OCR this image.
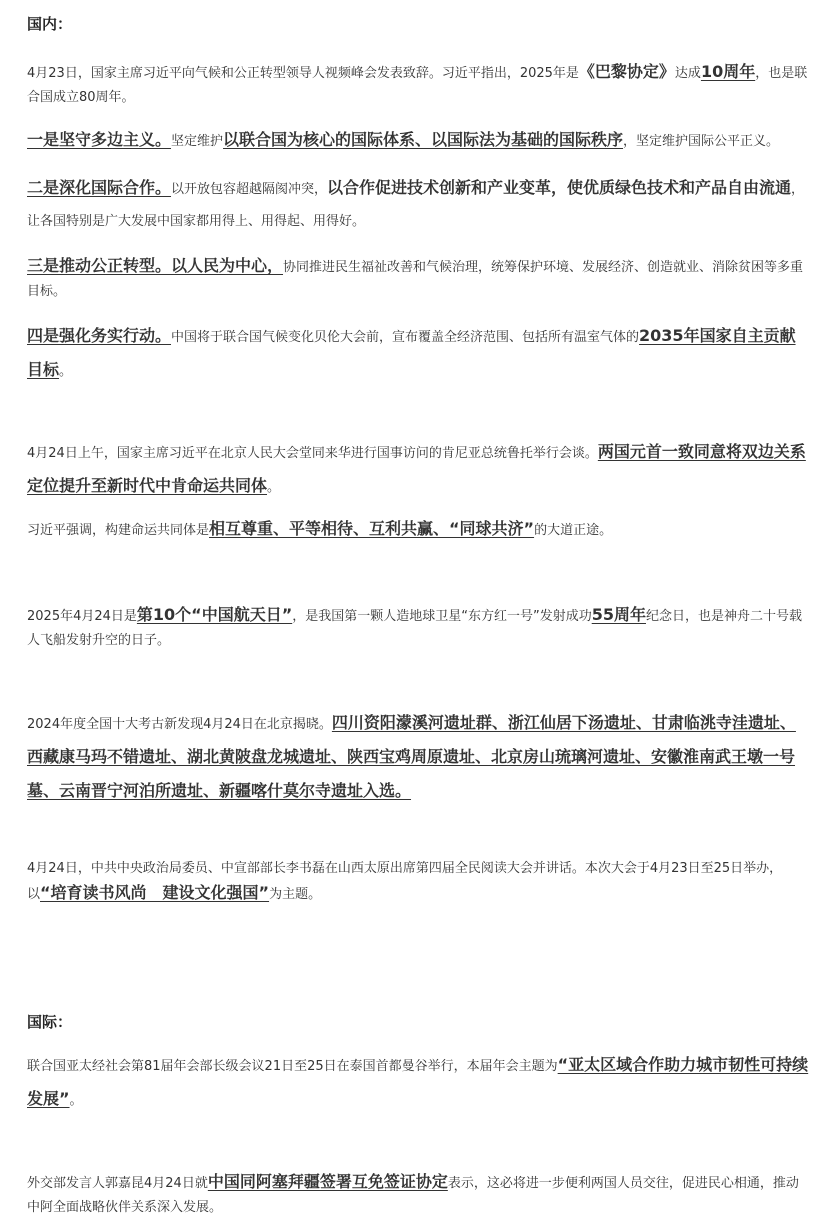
国内：
4月23日，国家主席习近平向气候和公正转型领导人视频峰会发表致辞。习近平指出，2025年是《巴黎协定》达成10周年，也是联合国成立80周年。
一是坚守多边主义。坚定维护以联合国为核心的国际体系、以国际法为基础的国际秩序，坚定维护国际公平正义。
二是深化国际合作。以开放包容超越隔阂冲突，以合作促进技术创新和产业变革，使优质绿色技术和产品自由流通，让各国特别是广大发展中国家都用得上、用得起、用得好。
三是推动公正转型。以人民为中心，协同推进民生福祉改善和气候治理，统筹保护环境、发展经济、创造就业、消除贫困等多重目标。
四是强化务实行动。中国将于联合国气候变化贝伦大会前，宣布覆盖全经济范围、包括所有温室气体的2035年国家自主贡献目标。
4月24日上午，国家主席习近平在北京人民大会堂同来华进行国事访问的肯尼亚总统鲁托举行会谈。两国元首一致同意将双边关系定位提升至新时代中肯命运共同体。
习近平强调，构建命运共同体是相互尊重、平等相待、互利共赢、“同球共济”的大道正途。
2025年4月24日是第10个“中国航天日”，是我国第一颗人造地球卫星“东方红一号”发射成功55周年纪念日，也是神舟二十号载人飞船发射升空的日子。
2024年度全国十大考古新发现4月24日在北京揭晓。四川资阳濛溪河遗址群、浙江仙居下汤遗址、甘肃临洮寺洼遗址、西藏康马玛不错遗址、湖北黄陂盘龙城遗址、陕西宝鸡周原遗址、北京房山琉璃河遗址、安徽淮南武王墩一号墓、云南晋宁河泊所遗址、新疆喀什莫尔寺遗址入选。
4月24日，中共中央政治局委员、中宣部部长李书磊在山西太原出席第四届全民阅读大会并讲话。本次大会于4月23日至25日举办，以“培育读书风尚　建设文化强国”为主题。
国际：
联合国亚太经社会第81届年会部长级会议21日至25日在泰国首都曼谷举行，本届年会主题为“亚太区域合作助力城市韧性可持续发展”。
外交部发言人郭嘉昆4月24日就中国同阿塞拜疆签署互免签证协定表示，这必将进一步便利两国人员交往，促进民心相通，推动中阿全面战略伙伴关系深入发展。
